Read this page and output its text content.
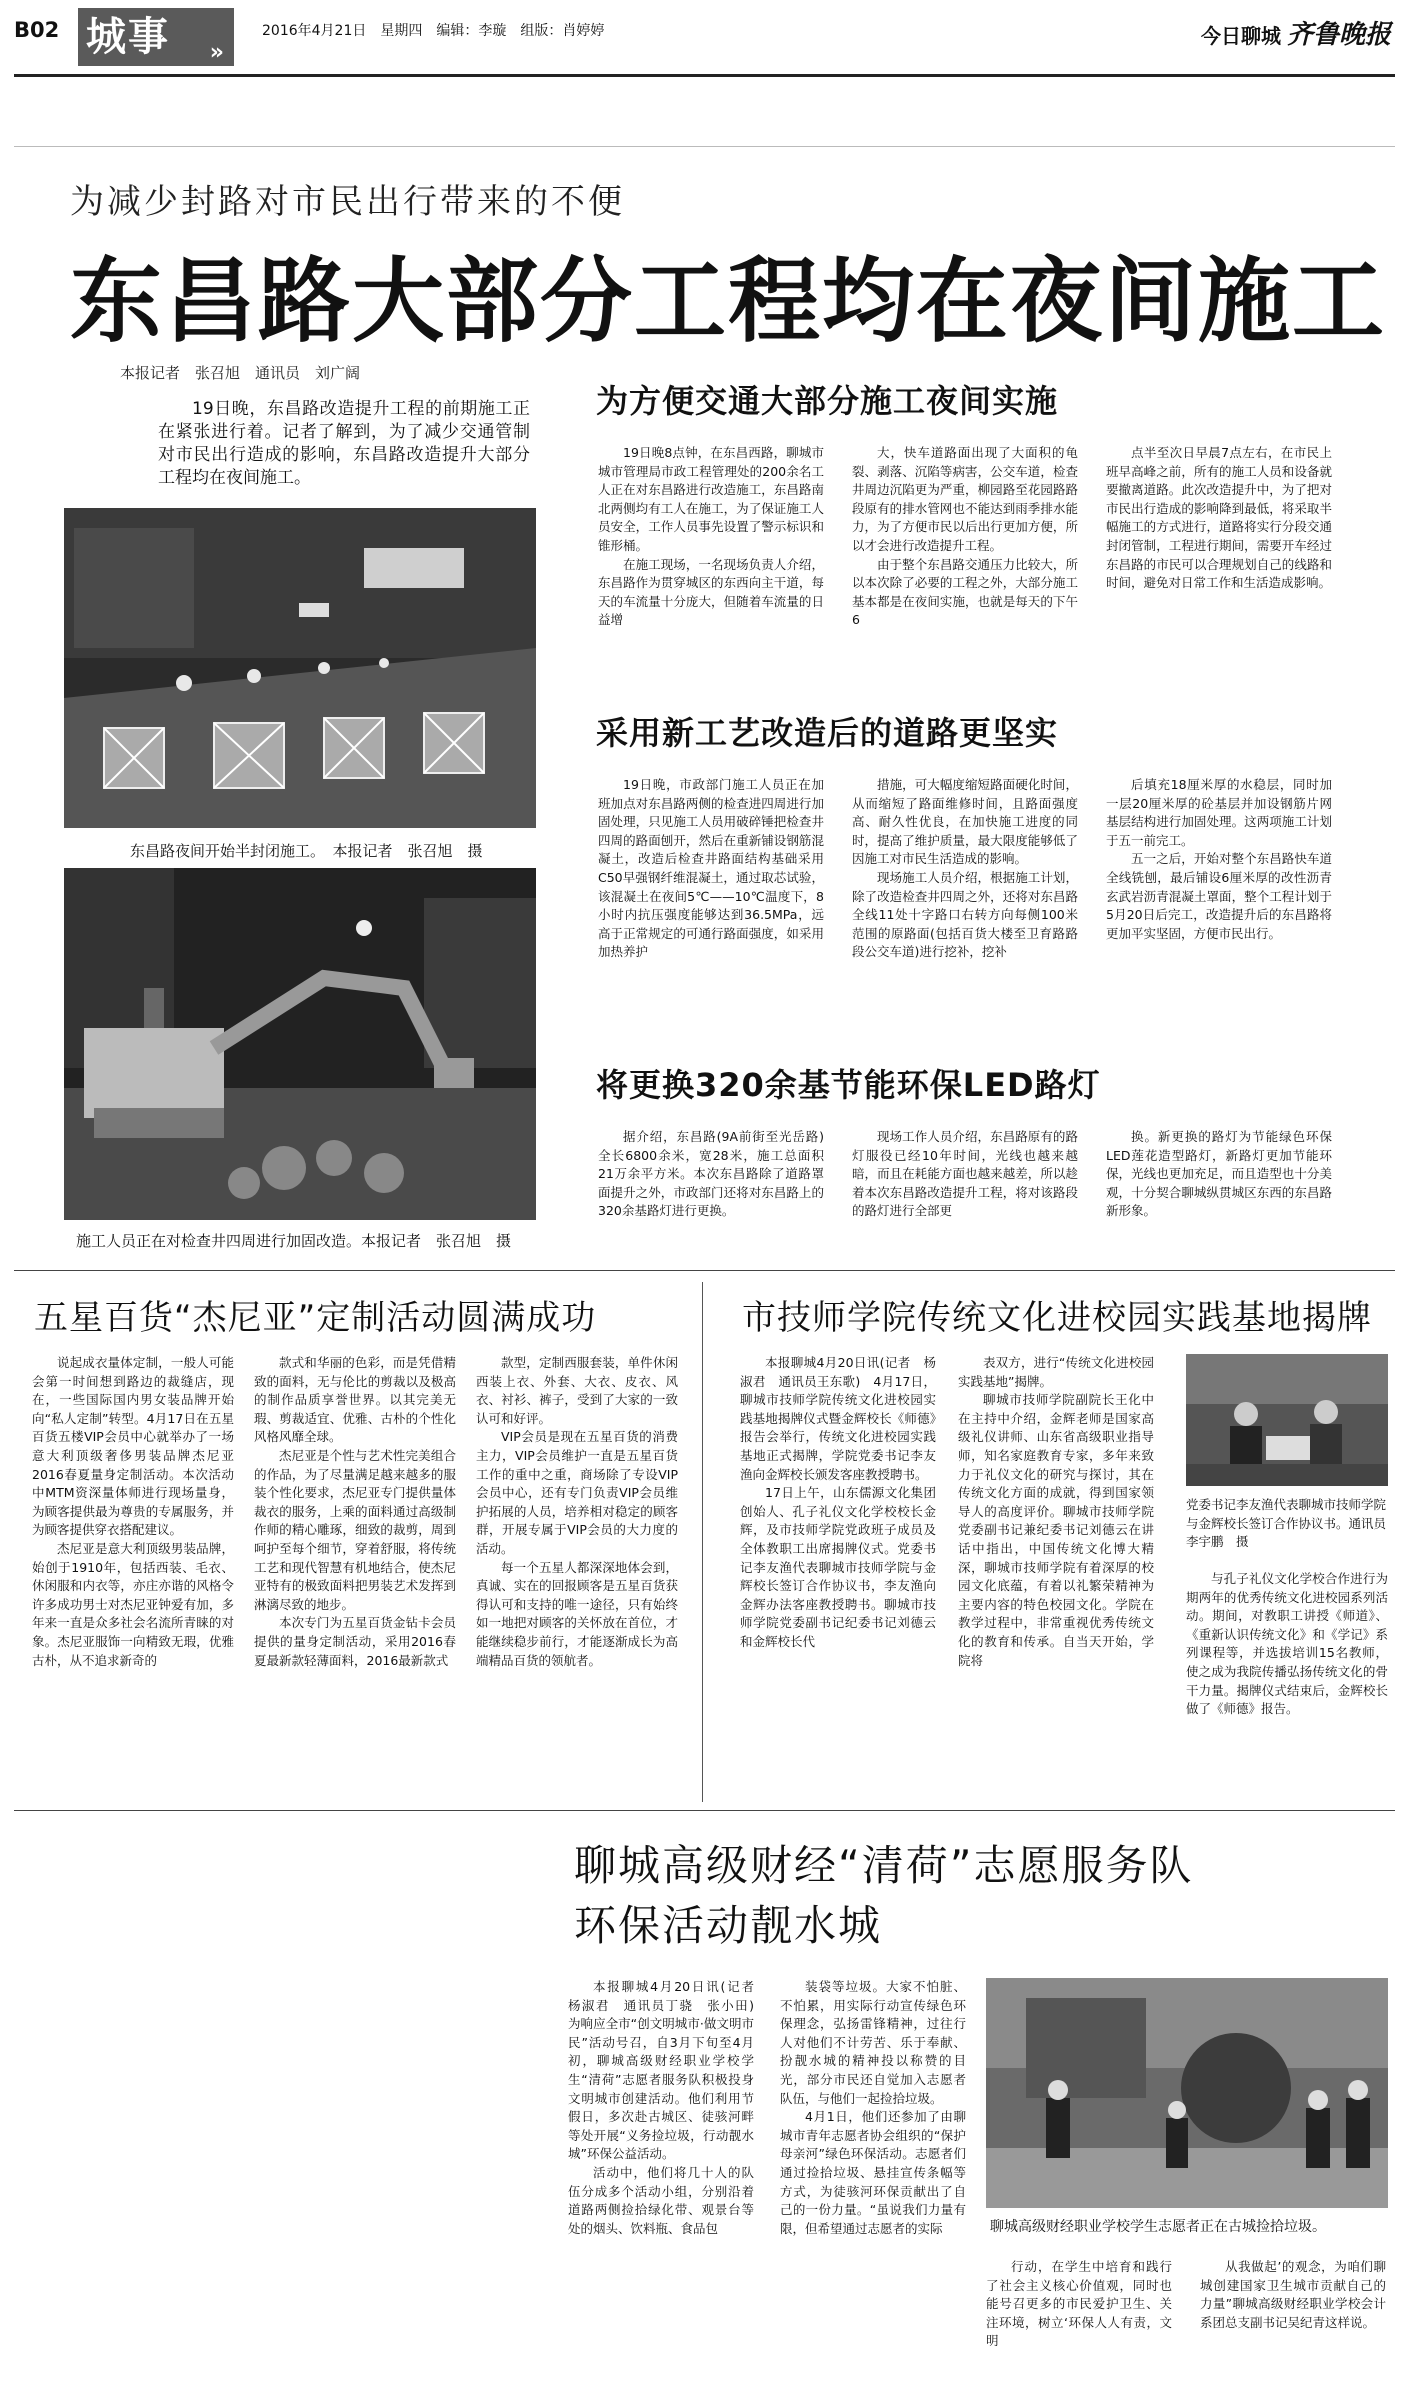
B02 城事 »
2016年4月21日　星期四　编辑：李璇　组版：肖婷婷	今日聊城 齐鲁晚报
为减少封路对市民出行带来的不便
东昌路大部分工程均在夜间施工
本报记者　张召旭　通讯员　刘广阔

19日晚，东昌路改造提升工程的前期施工正在紧张进行着。记者了解到，为了减少交通管制对市民出行造成的影响，东昌路改造提升大部分工程均在夜间施工。

东昌路夜间开始半封闭施工。　本报记者　张召旭　摄
施工人员正在对检查井四周进行加固改造。本报记者　张召旭　摄
为方便交通大部分施工夜间实施

19日晚8点钟，在东昌西路，聊城市城市管理局市政工程管理处的200余名工人正在对东昌路进行改造施工，东昌路南北两侧均有工人在施工，为了保证施工人员安全，工作人员事先设置了警示标识和锥形桶。

在施工现场，一名现场负责人介绍，东昌路作为贯穿城区的东西向主干道，每天的车流量十分庞大，但随着车流量的日益增

大，快车道路面出现了大面积的龟裂、剥落、沉陷等病害，公交车道，检查井周边沉陷更为严重，柳园路至花园路路段原有的排水管网也不能达到雨季排水能力，为了方便市民以后出行更加方便，所以才会进行改造提升工程。

由于整个东昌路交通压力比较大，所以本次除了必要的工程之外，大部分施工基本都是在夜间实施，也就是每天的下午6

点半至次日早晨7点左右，在市民上班早高峰之前，所有的施工人员和设备就要撤离道路。此次改造提升中，为了把对市民出行造成的影响降到最低，将采取半幅施工的方式进行，道路将实行分段交通封闭管制，工程进行期间，需要开车经过东昌路的市民可以合理规划自己的线路和时间，避免对日常工作和生活造成影响。

采用新工艺改造后的道路更坚实

19日晚，市政部门施工人员正在加班加点对东昌路两侧的检查进四周进行加固处理，只见施工人员用破碎锤把检查井四周的路面刨开，然后在重新铺设钢筋混凝土，改造后检查井路面结构基础采用C50早强钢纤维混凝土，通过取芯试验，该混凝土在夜间5℃——10℃温度下，8小时内抗压强度能够达到36.5MPa，远高于正常规定的可通行路面强度，如采用加热养护

措施，可大幅度缩短路面硬化时间，从而缩短了路面维修时间，且路面强度高、耐久性优良，在加快施工进度的同时，提高了维护质量，最大限度能够低了因施工对市民生活造成的影响。

现场施工人员介绍，根据施工计划，除了改造检查井四周之外，还将对东昌路全线11处十字路口右转方向每侧100米范围的原路面(包括百货大楼至卫育路路段公交车道)进行挖补，挖补

后填充18厘米厚的水稳层，同时加一层20厘米厚的砼基层并加设钢筋片网基层结构进行加固处理。这两项施工计划于五一前完工。

五一之后，开始对整个东昌路快车道全线铣刨，最后铺设6厘米厚的改性沥青玄武岩沥青混凝土罩面，整个工程计划于5月20日后完工，改造提升后的东昌路将更加平实坚固，方便市民出行。

将更换320余基节能环保LED路灯

据介绍，东昌路(9A前街至光岳路)全长6800余米，宽28米，施工总面积21万余平方米。本次东昌路除了道路罩面提升之外，市政部门还将对东昌路上的320余基路灯进行更换。

现场工作人员介绍，东昌路原有的路灯服役已经10年时间，光线也越来越暗，而且在耗能方面也越来越差，所以趁着本次东昌路改造提升工程，将对该路段的路灯进行全部更

换。新更换的路灯为节能绿色环保LED莲花造型路灯，新路灯更加节能环保，光线也更加充足，而且造型也十分美观，十分契合聊城纵贯城区东西的东昌路新形象。

五星百货“杰尼亚”定制活动圆满成功

说起成衣量体定制，一般人可能会第一时间想到路边的裁缝店，现在，一些国际国内男女装品牌开始向“私人定制”转型。4月17日在五星百货五楼VIP会员中心就举办了一场意大利顶级奢侈男装品牌杰尼亚2016春夏量身定制活动。本次活动中MTM资深量体师进行现场量身，为顾客提供最为尊贵的专属服务，并为顾客提供穿衣搭配建议。

杰尼亚是意大利顶级男装品牌，始创于1910年，包括西装、毛衣、休闲服和内衣等，亦庄亦谐的风格令许多成功男士对杰尼亚钟爱有加，多年来一直是众多社会名流所青睐的对象。杰尼亚服饰一向精致无瑕，优雅古朴，从不追求新奇的

款式和华丽的色彩，而是凭借精致的面料，无与伦比的剪裁以及极高的制作品质享誉世界。以其完美无瑕、剪裁适宜、优雅、古朴的个性化风格风靡全球。

杰尼亚是个性与艺术性完美组合的作品，为了尽量满足越来越多的服装个性化要求，杰尼亚专门提供量体裁衣的服务，上乘的面料通过高级制作师的精心雕琢，细致的裁剪，周到呵护至每个细节，穿着舒服，将传统工艺和现代智慧有机地结合，使杰尼亚特有的极致面料把男装艺术发挥到淋漓尽致的地步。

本次专门为五星百货金钻卡会员提供的量身定制活动，采用2016春夏最新款轻薄面料，2016最新款式

款型，定制西服套装，单件休闲西装上衣、外套、大衣、皮衣、风衣、衬衫、裤子，受到了大家的一致认可和好评。

VIP会员是现在五星百货的消费主力，VIP会员维护一直是五星百货工作的重中之重，商场除了专设VIP会员中心，还有专门负责VIP会员维护拓展的人员，培养相对稳定的顾客群，开展专属于VIP会员的大力度的活动。

每一个五星人都深深地体会到，真诚、实在的回报顾客是五星百货获得认可和支持的唯一途径，只有始终如一地把对顾客的关怀放在首位，才能继续稳步前行，才能逐渐成长为高端精品百货的领航者。

市技师学院传统文化进校园实践基地揭牌

本报聊城4月20日讯(记者　杨淑君　通讯员王东歌)　4月17日，聊城市技师学院传统文化进校园实践基地揭牌仪式暨金辉校长《师德》报告会举行，传统文化进校园实践基地正式揭牌，学院党委书记李友渔向金辉校长颁发客座教授聘书。

17日上午，山东儒源文化集团创始人、孔子礼仪文化学校校长金辉，及市技师学院党政班子成员及全体教职工出席揭牌仪式。党委书记李友渔代表聊城市技师学院与金辉校长签订合作协议书，李友渔向金辉办法客座教授聘书。聊城市技师学院党委副书记纪委书记刘德云和金辉校长代

表双方，进行“传统文化进校园实践基地”揭牌。

聊城市技师学院副院长王化中在主持中介绍，金辉老师是国家高级礼仪讲师、山东省高级职业指导师，知名家庭教育专家，多年来致力于礼仪文化的研究与探讨，其在传统文化方面的成就，得到国家领导人的高度评价。聊城市技师学院党委副书记兼纪委书记刘德云在讲话中指出，中国传统文化博大精深，聊城市技师学院有着深厚的校园文化底蕴，有着以礼繁荣精神为主要内容的特色校园文化。学院在教学过程中，非常重视优秀传统文化的教育和传承。自当天开始，学院将

党委书记李友渔代表聊城市技师学院与金辉校长签订合作协议书。通讯员　李宇鹏　摄

与孔子礼仪文化学校合作进行为期两年的优秀传统文化进校园系列活动。期间，对教职工讲授《师道》、《重新认识传统文化》和《学记》系列课程等，并选拔培训15名教师，使之成为我院传播弘扬传统文化的骨干力量。揭牌仪式结束后，金辉校长做了《师德》报告。

聊城高级财经“清荷”志愿服务队
环保活动靓水城

本报聊城4月20日讯(记者　杨淑君　通讯员丁骁　张小田)　为响应全市“创文明城市·做文明市民”活动号召，自3月下旬至4月初，聊城高级财经职业学校学生“清荷”志愿者服务队积极投身文明城市创建活动。他们利用节假日，多次赴古城区、徒骇河畔等处开展“义务捡垃圾，行动靓水城”环保公益活动。

活动中，他们将几十人的队伍分成多个活动小组，分别沿着道路两侧捡拾绿化带、观景台等处的烟头、饮料瓶、食品包

装袋等垃圾。大家不怕脏、不怕累，用实际行动宣传绿色环保理念，弘扬雷锋精神，过往行人对他们不计劳苦、乐于奉献、扮靓水城的精神投以称赞的目光，部分市民还自觉加入志愿者队伍，与他们一起捡拾垃圾。

4月1日，他们还参加了由聊城市青年志愿者协会组织的“保护母亲河”绿色环保活动。志愿者们通过捡拾垃圾、悬挂宣传条幅等方式，为徒骇河环保贡献出了自己的一份力量。“虽说我们力量有限，但希望通过志愿者的实际	聊城高级财经职业学校学生志愿者正在古城捡拾垃圾。

行动，在学生中培育和践行了社会主义核心价值观，同时也能号召更多的市民爱护卫生、关注环境，树立‘环保人人有责，文明

从我做起’的观念，为咱们聊城创建国家卫生城市贡献自己的力量”聊城高级财经职业学校会计系团总支副书记吴纪青这样说。
